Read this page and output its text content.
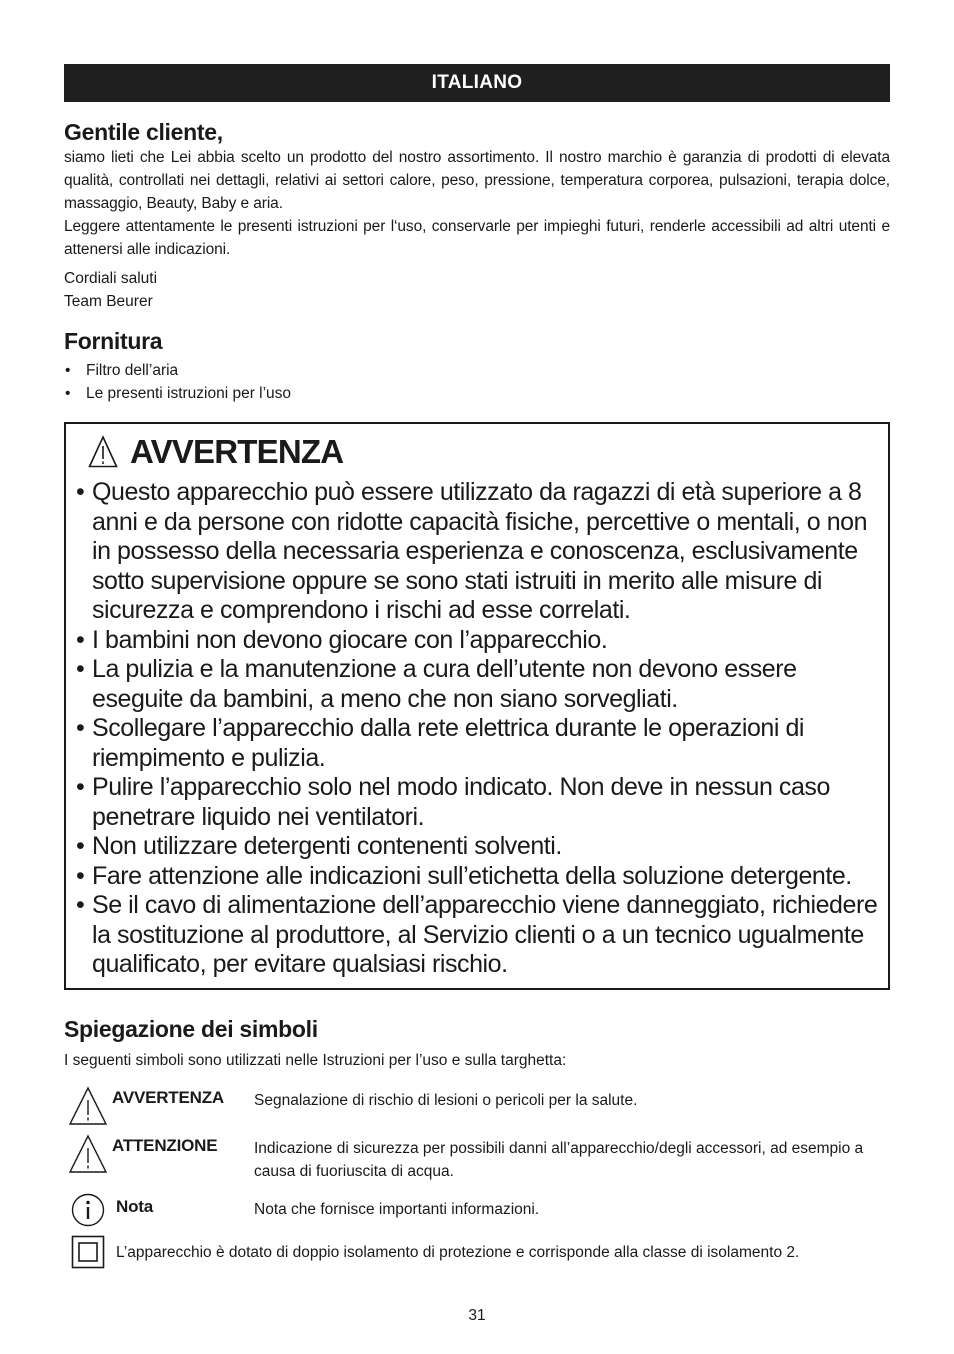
ITALIANO
Gentile cliente,

siamo lieti che Lei abbia scelto un prodotto del nostro assortimento. Il nostro marchio è garanzia di prodotti di elevata qualità, controllati nei dettagli, relativi ai settori calore, peso, pressione, temperatura corporea, pulsazioni, terapia dolce, massaggio, Beauty, Baby e aria.

Leggere attentamente le presenti istruzioni per l‘uso, conservarle per impieghi futuri, renderle accessibili ad altri utenti e attenersi alle indicazioni.

Cordiali saluti
Team Beurer
Fornitura
• Filtro dell’aria
• Le presenti istruzioni per l’uso
AVVERTENZA
• Questo apparecchio può essere utilizzato da ragazzi di età superiore a 8 anni e da persone con ridotte capacità fisiche, percettive o mentali, o non in possesso della necessaria esperienza e conoscenza, esclusivamente sotto supervisione oppure se sono stati istruiti in merito alle misure di sicurezza e comprendono i rischi ad esse correlati.
• I bambini non devono giocare con l’apparecchio.
• La pulizia e la manutenzione a cura dell’utente non devono essere eseguite da bambini, a meno che non siano sorvegliati.
• Scollegare l’apparecchio dalla rete elettrica durante le operazioni di riempimento e pulizia.
• Pulire l’apparecchio solo nel modo indicato. Non deve in nessun caso penetrare liquido nei ventilatori.
• Non utilizzare detergenti contenenti solventi.
• Fare attenzione alle indicazioni sull’etichetta della soluzione detergente.
• Se il cavo di alimentazione dell’apparecchio viene danneggiato, richiedere la sostituzione al produttore, al Servizio clienti o a un tecnico ugualmente qualificato, per evitare qualsiasi rischio.
Spiegazione dei simboli
I seguenti simboli sono utilizzati nelle Istruzioni per l’uso e sulla targhetta:
AVVERTENZA	Segnalazione di rischio di lesioni o pericoli per la salute.
ATTENZIONE	Indicazione di sicurezza per possibili danni all’apparecchio/degli accessori, ad esempio a causa di fuoriuscita di acqua.
Nota	Nota che fornisce importanti informazioni.
L’apparecchio è dotato di doppio isolamento di protezione e corrisponde alla classe di isolamento 2.
31
